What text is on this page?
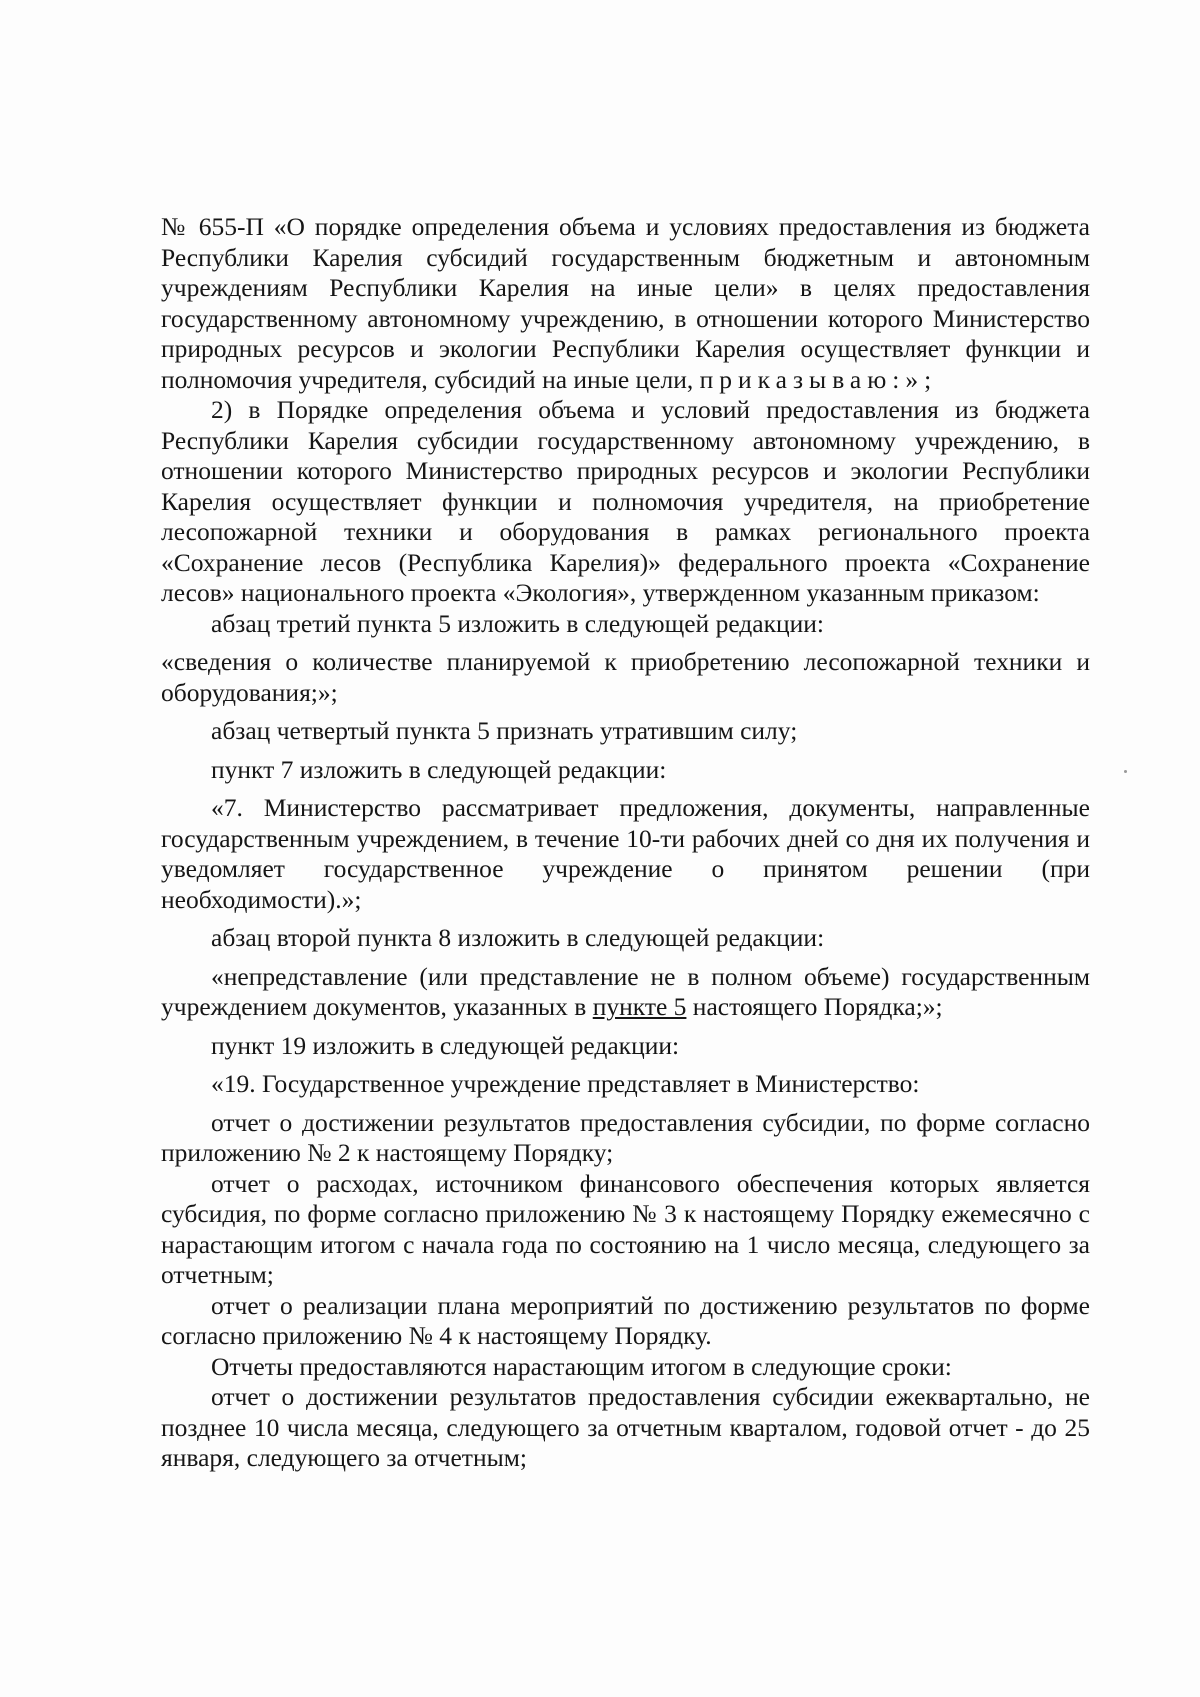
№ 655-П «О порядке определения объема и условиях предоставления из бюджета Республики Карелия субсидий государственным бюджетным и автономным учреждениям Республики Карелия на иные цели» в целях предоставления государственному автономному учреждению, в отношении которого Министерство природных ресурсов и экологии Республики Карелия осуществляет функции и полномочия учредителя, субсидий на иные цели, приказываю:»;

2) в Порядке определения объема и условий предоставления из бюджета Республики Карелия субсидии государственному автономному учреждению, в отношении которого Министерство природных ресурсов и экологии Республики Карелия осуществляет функции и полномочия учредителя, на приобретение лесопожарной техники и оборудования в рамках регионального проекта «Сохранение лесов (Республика Карелия)» федерального проекта «Сохранение лесов» национального проекта «Экология», утвержденном указанным приказом:

абзац третий пункта 5 изложить в следующей редакции:

«сведения о количестве планируемой к приобретению лесопожарной техники и оборудования;»;

абзац четвертый пункта 5 признать утратившим силу;

пункт 7 изложить в следующей редакции:

«7. Министерство рассматривает предложения, документы, направленные государственным учреждением, в течение 10-ти рабочих дней со дня их получения и уведомляет государственное учреждение о принятом решении (при необходимости).»;

абзац второй пункта 8 изложить в следующей редакции:

«непредставление (или представление не в полном объеме) государственным учреждением документов, указанных в пункте 5 настоящего Порядка;»;

пункт 19 изложить в следующей редакции:

«19. Государственное учреждение представляет в Министерство:

отчет о достижении результатов предоставления субсидии, по форме согласно приложению № 2 к настоящему Порядку;

отчет о расходах, источником финансового обеспечения которых является субсидия, по форме согласно приложению № 3 к настоящему Порядку ежемесячно с нарастающим итогом с начала года по состоянию на 1 число месяца, следующего за отчетным;

отчет о реализации плана мероприятий по достижению результатов по форме согласно приложению № 4 к настоящему Порядку.

Отчеты предоставляются нарастающим итогом в следующие сроки:

отчет о достижении результатов предоставления субсидии ежеквартально, не позднее 10 числа месяца, следующего за отчетным кварталом, годовой отчет - до 25 января, следующего за отчетным;
